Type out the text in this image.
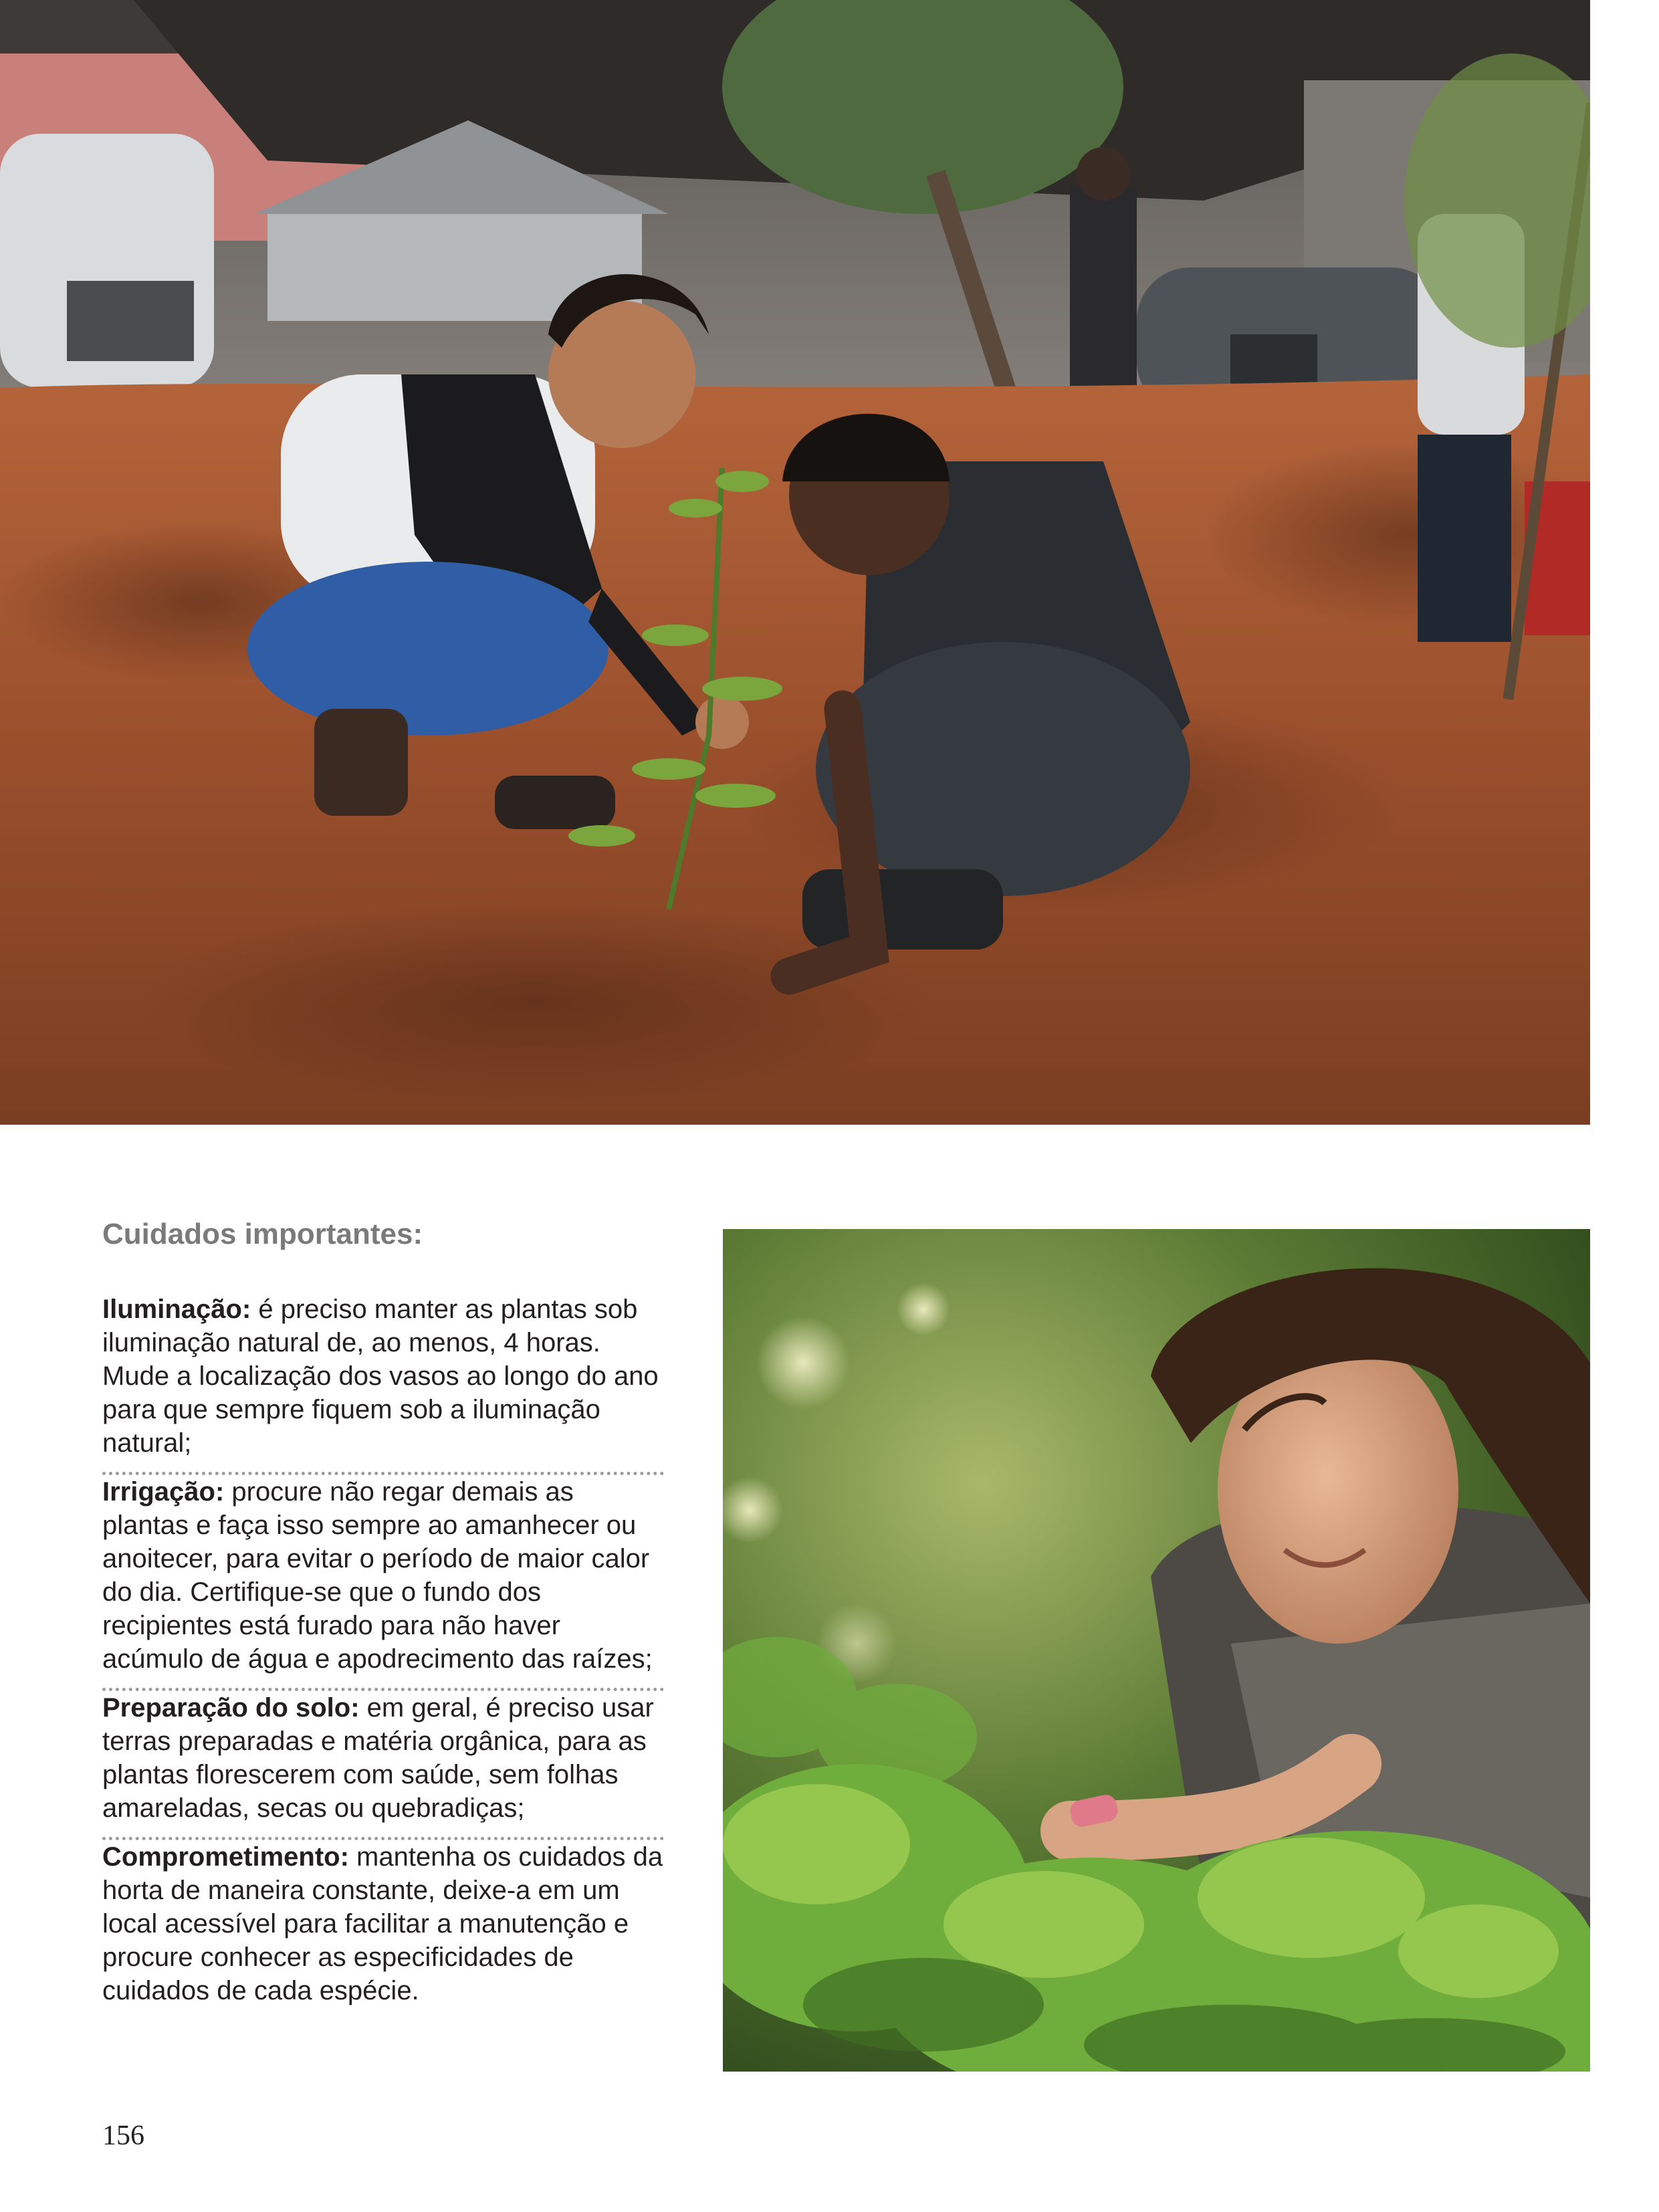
Cuidados importantes:
Iluminação: é preciso manter as plantas sob iluminação natural de, ao menos, 4 horas. Mude a localização dos vasos ao longo do ano para que sempre fiquem sob a iluminação natural;
Irrigação: procure não regar demais as plantas e faça isso sempre ao amanhecer ou anoitecer, para evitar o período de maior calor do dia. Certifique-se que o fundo dos recipientes está furado para não haver acúmulo de água e apodrecimento das raízes;
Preparação do solo: em geral, é preciso usar terras preparadas e matéria orgânica, para as plantas florescerem com saúde, sem folhas amareladas, secas ou quebradiças;
Comprometimento: mantenha os cuidados da horta de maneira constante, deixe-a em um local acessível para facilitar a manutenção e procure conhecer as especificidades de cuidados de cada espécie.
156
